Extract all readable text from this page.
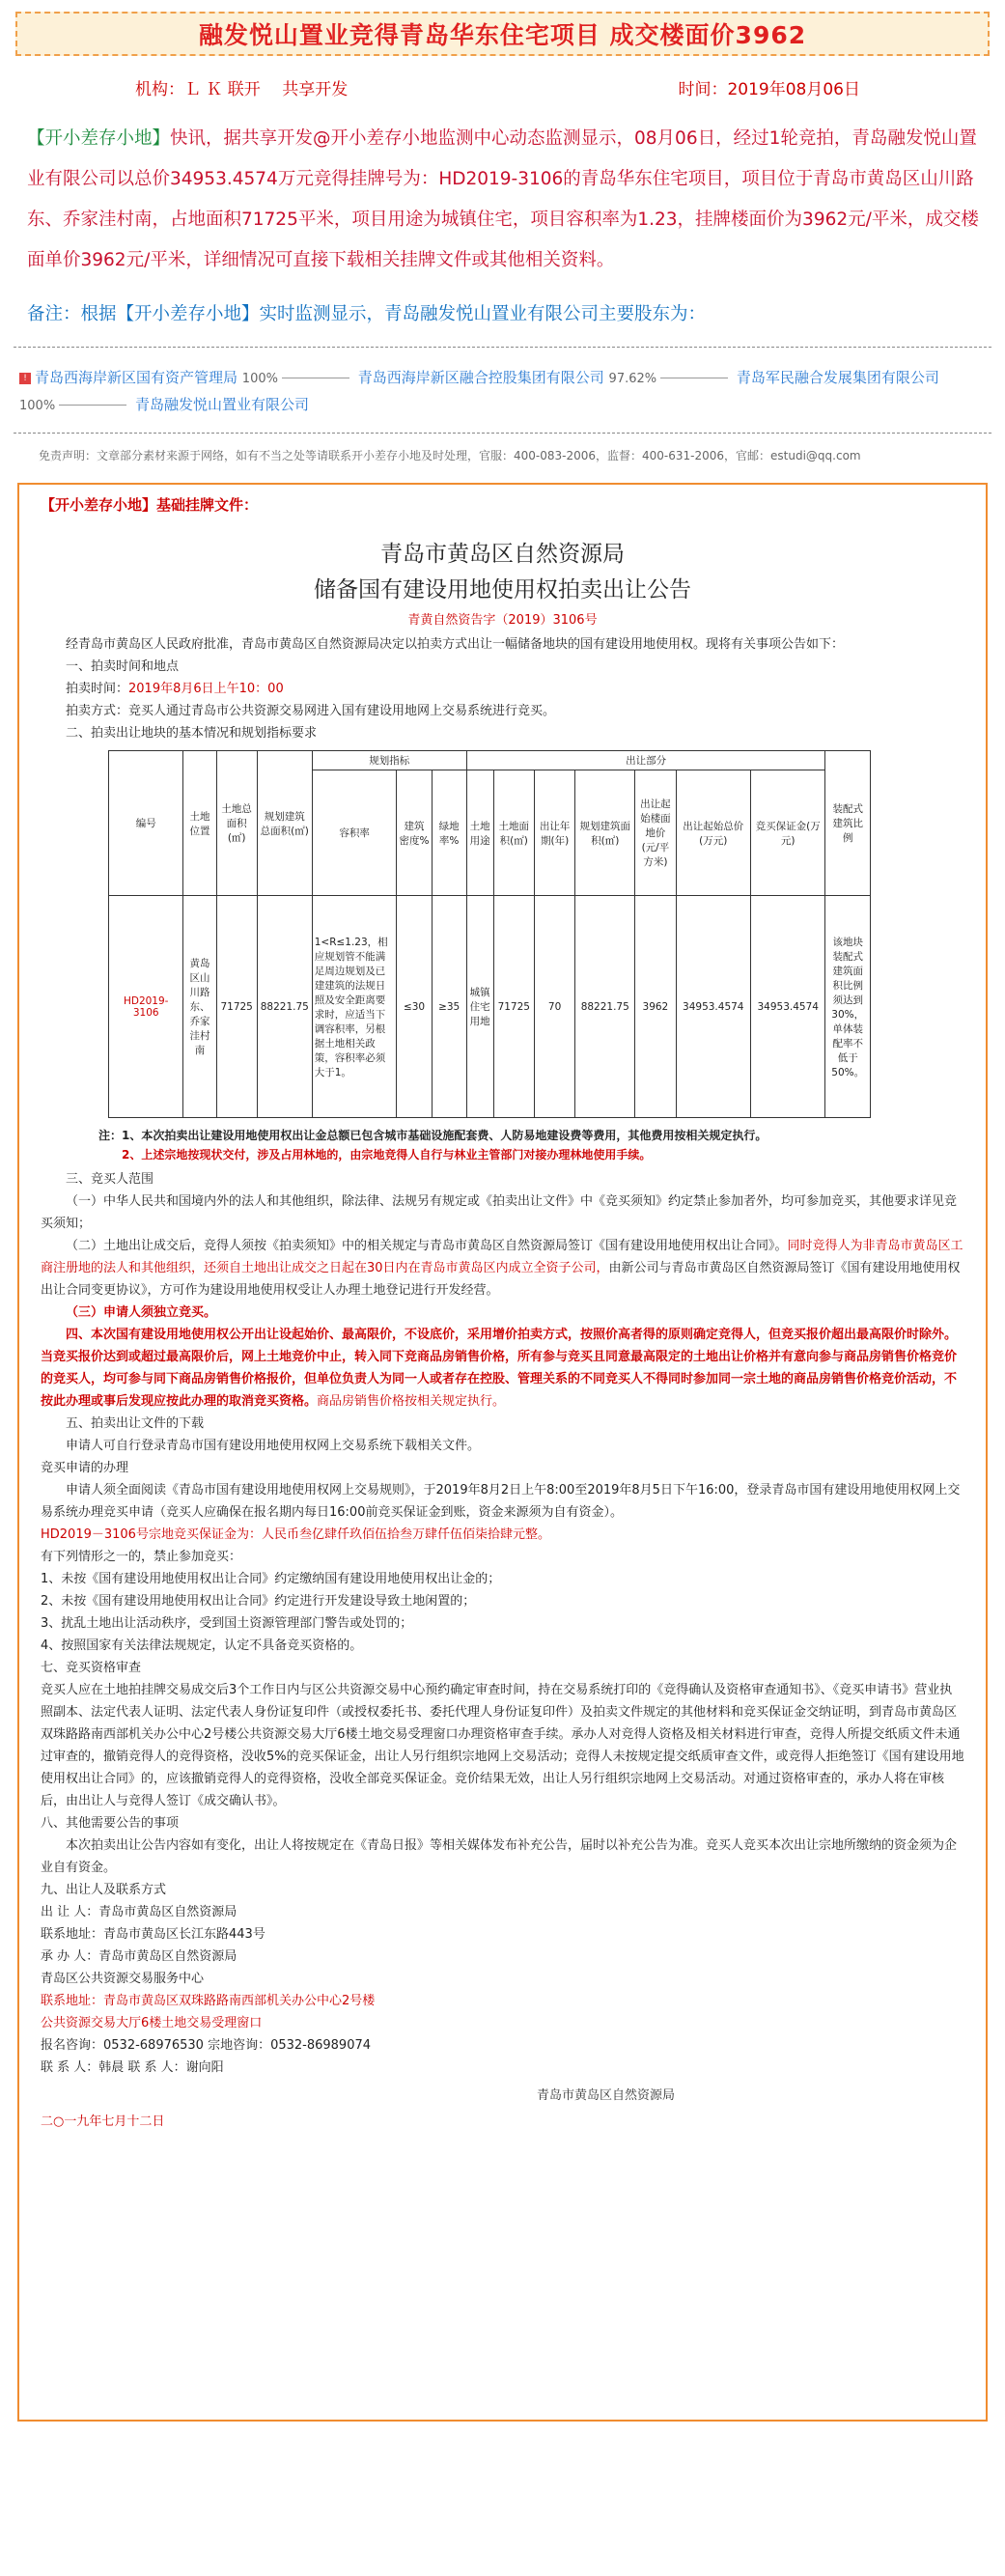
融发悦山置业竞得青岛华东住宅项目 成交楼面价3962
机构：Ｌ Ｋ 联开　 共享开发	时间：2019年08月06日
【开小差存小地】快讯，据共享开发@开小差存小地监测中心动态监测显示，08月06日，经过1轮竞拍，青岛融发悦山置业有限公司以总价34953.4574万元竞得挂牌号为：HD2019-3106的青岛华东住宅项目，项目位于青岛市黄岛区山川路东、乔家洼村南，占地面积71725平米，项目用途为城镇住宅，项目容积率为1.23，挂牌楼面价为3962元/平米，成交楼面单价3962元/平米，详细情况可直接下载相关挂牌文件或其他相关资料。
备注：根据【开小差存小地】实时监测显示，青岛融发悦山置业有限公司主要股东为：
! 青岛西海岸新区国有资产管理局 100%	青岛西海岸新区融合控股集团有限公司 97.62%	青岛军民融合发展集团有限公司
100%	青岛融发悦山置业有限公司
免责声明：文章部分素材来源于网络，如有不当之处等请联系开小差存小地及时处理，官服：400-083-2006，监督：400-631-2006，官邮：estudi@qq.com
【开小差存小地】基础挂牌文件：
青岛市黄岛区自然资源局
储备国有建设用地使用权拍卖出让公告
青黄自然资告字（2019）3106号
经青岛市黄岛区人民政府批准，青岛市黄岛区自然资源局决定以拍卖方式出让一幅储备地块的国有建设用地使用权。现将有关事项公告如下：
一、拍卖时间和地点
拍卖时间：2019年8月6日上午10：00
拍卖方式：竞买人通过青岛市公共资源交易网进入国有建设用地网上交易系统进行竞买。
二、拍卖出让地块的基本情况和规划指标要求
编号	土地位置	土地总面积(㎡)	规划建筑总面积(㎡)	规划指标			出让部分							装配式建筑比例
				容积率	建筑密度%	绿地率%	土地用途	土地面积(㎡)	出让年期(年)	规划建筑面积(㎡)	出让起始楼面地价(元/平方米)	出让起始总价(万元)	竞买保证金(万元)	
HD2019-3106	黄岛区山川路东、乔家洼村南	71725	88221.75	1<R≤1.23，相应规划管不能满足周边规划及已建建筑的法规日照及安全距离要求时，应适当下调容积率，另根据土地相关政策，容积率必须大于1。	≤30	≥35	城镇住宅用地	71725	70	88221.75	3962	34953.4574	34953.4574	该地块装配式建筑面积比例须达到30%，单体装配率不低于50%。
注：1、本次拍卖出让建设用地使用权出让金总额已包含城市基础设施配套费、人防易地建设费等费用，其他费用按相关规定执行。
2、上述宗地按现状交付，涉及占用林地的，由宗地竞得人自行与林业主管部门对接办理林地使用手续。
三、竞买人范围
（一）中华人民共和国境内外的法人和其他组织，除法律、法规另有规定或《拍卖出让文件》中《竞买须知》约定禁止参加者外，均可参加竞买，其他要求详见竞买须知；
（二）土地出让成交后，竞得人须按《拍卖须知》中的相关规定与青岛市黄岛区自然资源局签订《国有建设用地使用权出让合同》。同时竞得人为非青岛市黄岛区工商注册地的法人和其他组织，还须自土地出让成交之日起在30日内在青岛市黄岛区内成立全资子公司，由新公司与青岛市黄岛区自然资源局签订《国有建设用地使用权出让合同变更协议》，方可作为建设用地使用权受让人办理土地登记进行开发经营。
（三）申请人须独立竞买。
四、本次国有建设用地使用权公开出让设起始价、最高限价，不设底价，采用增价拍卖方式，按照价高者得的原则确定竞得人，但竞买报价超出最高限价时除外。当竞买报价达到或超过最高限价后，网上土地竞价中止，转入同下竞商品房销售价格，所有参与竞买且同意最高限定的土地出让价格并有意向参与商品房销售价格竞价的竞买人，均可参与同下商品房销售价格报价，但单位负责人为同一人或者存在控股、管理关系的不同竞买人不得同时参加同一宗土地的商品房销售价格竞价活动，不按此办理或事后发现应按此办理的取消竞买资格。商品房销售价格按相关规定执行。
五、拍卖出让文件的下载
申请人可自行登录青岛市国有建设用地使用权网上交易系统下载相关文件。
竞买申请的办理
申请人须全面阅读《青岛市国有建设用地使用权网上交易规则》，于2019年8月2日上午8:00至2019年8月5日下午16:00，登录青岛市国有建设用地使用权网上交易系统办理竞买申请（竞买人应确保在报名期内每日16:00前竞买保证金到账，资金来源须为自有资金）。
HD2019－3106号宗地竞买保证金为：人民币叁亿肆仟玖佰伍拾叁万肆仟伍佰柒拾肆元整。
有下列情形之一的，禁止参加竞买：
1、未按《国有建设用地使用权出让合同》约定缴纳国有建设用地使用权出让金的；
2、未按《国有建设用地使用权出让合同》约定进行开发建设导致土地闲置的；
3、扰乱土地出让活动秩序，受到国土资源管理部门警告或处罚的；
4、按照国家有关法律法规规定，认定不具备竞买资格的。
七、竞买资格审查
竞买人应在土地拍挂牌交易成交后3个工作日内与区公共资源交易中心预约确定审查时间，持在交易系统打印的《竞得确认及资格审查通知书》、《竞买申请书》营业执照副本、法定代表人证明、法定代表人身份证复印件（或授权委托书、委托代理人身份证复印件）及拍卖文件规定的其他材料和竞买保证金交纳证明，到青岛市黄岛区双珠路路南西部机关办公中心2号楼公共资源交易大厅6楼土地交易受理窗口办理资格审查手续。承办人对竞得人资格及相关材料进行审查，竞得人所提交纸质文件未通过审查的，撤销竞得人的竞得资格，没收5%的竞买保证金，出让人另行组织宗地网上交易活动；竞得人未按规定提交纸质审查文件，或竞得人拒绝签订《国有建设用地使用权出让合同》的，应该撤销竞得人的竞得资格，没收全部竞买保证金。竞价结果无效，出让人另行组织宗地网上交易活动。对通过资格审查的，承办人将在审核后，由出让人与竞得人签订《成交确认书》。
八、其他需要公告的事项
本次拍卖出让公告内容如有变化，出让人将按规定在《青岛日报》等相关媒体发布补充公告，届时以补充公告为准。竞买人竞买本次出让宗地所缴纳的资金须为企业自有资金。
九、出让人及联系方式
出 让 人：青岛市黄岛区自然资源局
联系地址：青岛市黄岛区长江东路443号
承 办 人：青岛市黄岛区自然资源局
青岛区公共资源交易服务中心
联系地址：青岛市黄岛区双珠路路南西部机关办公中心2号楼
公共资源交易大厅6楼土地交易受理窗口
报名咨询：0532-68976530 宗地咨询：0532-86989074
联 系 人：韩晨 联 系 人：谢向阳
青岛市黄岛区自然资源局
二○一九年七月十二日
